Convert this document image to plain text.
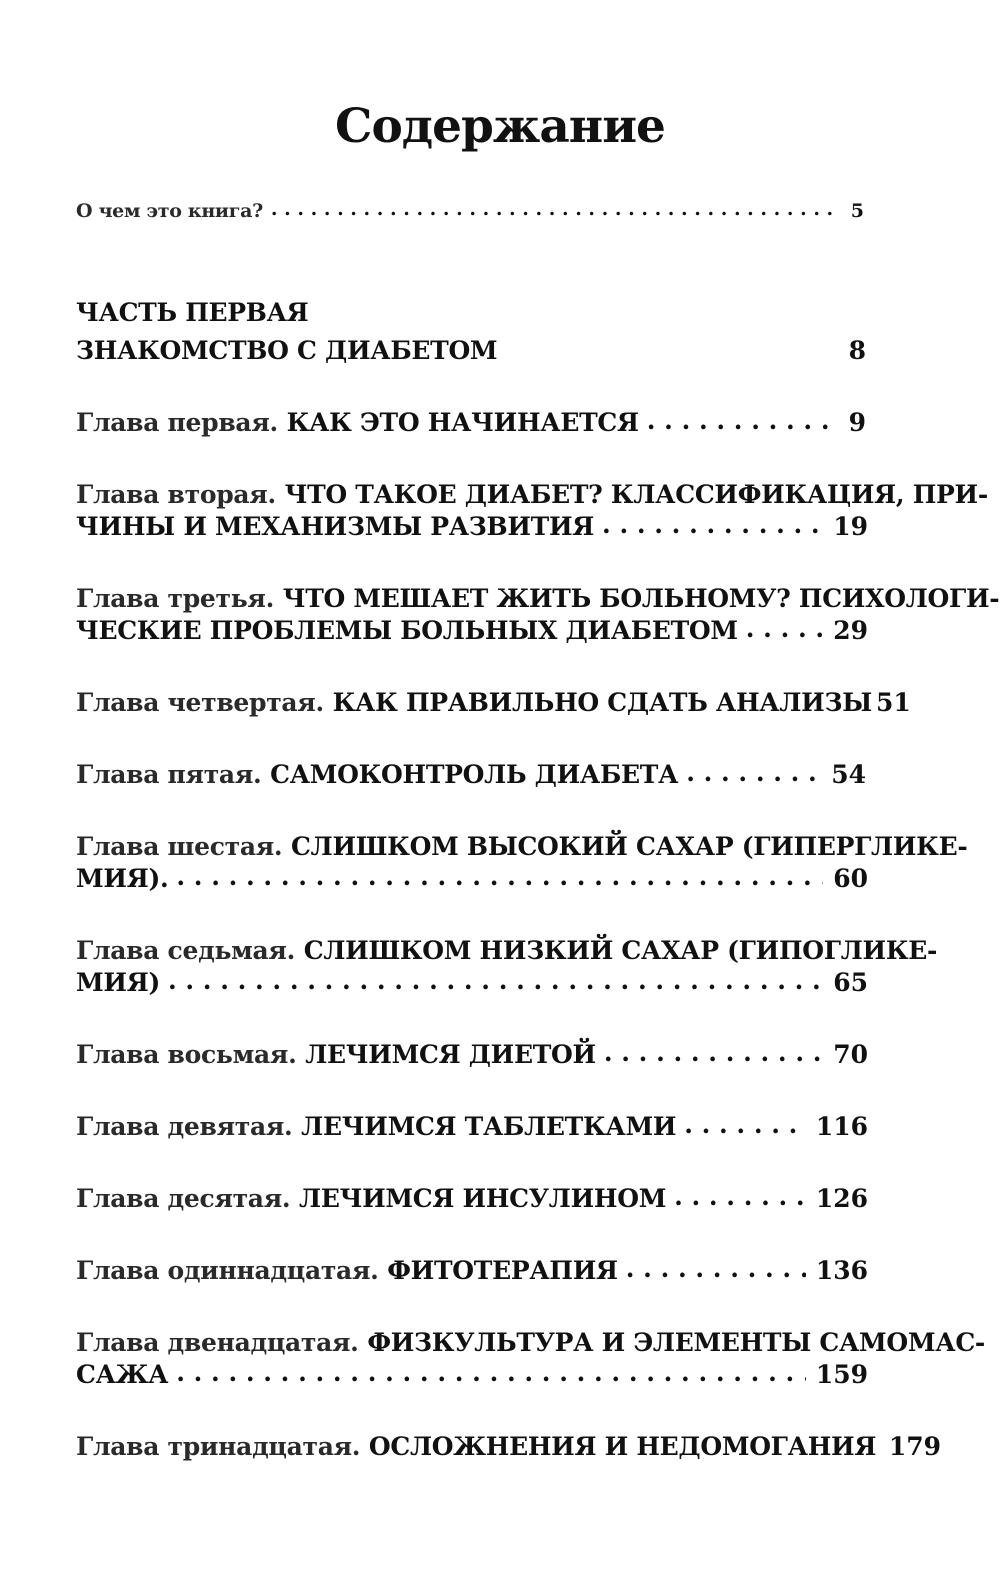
Содержание
О чем это книга? . . .	5
ЧАСТЬ ПЕРВАЯ
ЗНАКОМСТВО С ДИАБЕТОМ	8
Глава первая.
КАК ЭТО НАЧИНАЕТСЯ . . .	9
Глава вторая.
ЧТО ТАКОЕ ДИАБЕТ? КЛАССИФИКАЦИЯ, ПРИ-
ЧИНЫ И МЕХАНИЗМЫ РАЗВИТИЯ . . .	19
Глава третья.
ЧТО МЕШАЕТ ЖИТЬ БОЛЬНОМУ? ПСИХОЛОГИ-
ЧЕСКИЕ ПРОБЛЕМЫ БОЛЬНЫХ ДИАБЕТОМ . . .	29
Глава четвертая.
КАК ПРАВИЛЬНО СДАТЬ АНАЛИЗЫ 51
Глава пятая.
САМОКОНТРОЛЬ ДИАБЕТА . . .	54
Глава шестая.
СЛИШКОМ ВЫСОКИЙ САХАР (ГИПЕРГЛИКЕ-
МИЯ). . . .	60
Глава седьмая.
СЛИШКОМ НИЗКИЙ САХАР (ГИПОГЛИКЕ-
МИЯ) . . .	65
Глава восьмая.
ЛЕЧИМСЯ ДИЕТОЙ . . .	70
Глава девятая.
ЛЕЧИМСЯ ТАБЛЕТКАМИ . . .	116
Глава десятая.
ЛЕЧИМСЯ ИНСУЛИНОМ . . .	126
Глава одиннадцатая.
ФИТОТЕРАПИЯ . . .	136
Глава двенадцатая.
ФИЗКУЛЬТУРА И ЭЛЕМЕНТЫ САМОМАС-
САЖА . . .	159
Глава тринадцатая.
ОСЛОЖНЕНИЯ И НЕДОМОГАНИЯ
179
